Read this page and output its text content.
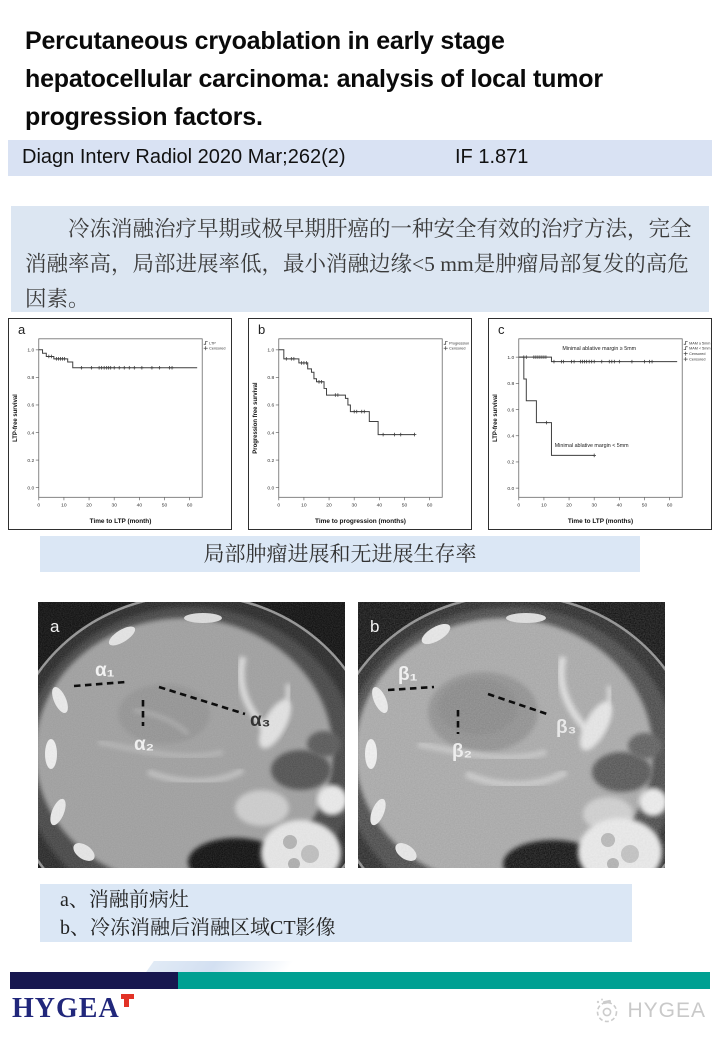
Percutaneous cryoablation in early stage
hepatocellular carcinoma: analysis of local tumor
progression factors.
Diagn Interv Radiol 2020 Mar;262(2)	IF 1.871

冷冻消融治疗早期或极早期肝癌的一种安全有效的治疗方法，完全消融率高，局部进展率低，最小消融边缘<5 mm是肿瘤局部复发的高危因素。

a
0.0
0.2
0.4
0.6
0.8
1.0
0	10	20	30	40	50	60
Time to LTP (month)
LTP-free survival
LTP
Censored
b
0.0
0.2
0.4
0.6
0.8
1.0
0	10	20	30	40	50	60
Time to progression (months)
Progression free survival
Progression
Censored
c
0.0
0.2
0.4
0.6
0.8
1.0
0	10	20	30	40	50	60
Time to LTP (months)
LTP-free survival
MAM ≥ 5mm
MAM < 5mm
Censored
Censored
Minimal ablative margin ≥ 5mm
Minimal ablative margin < 5mm
局部肿瘤进展和无进展生存率
a
α₁
α₂
α₃
b
β₁
β₂
β₃
a、消融前病灶
b、冷冻消融后消融区域CT影像
HYGEA	HYGEA
